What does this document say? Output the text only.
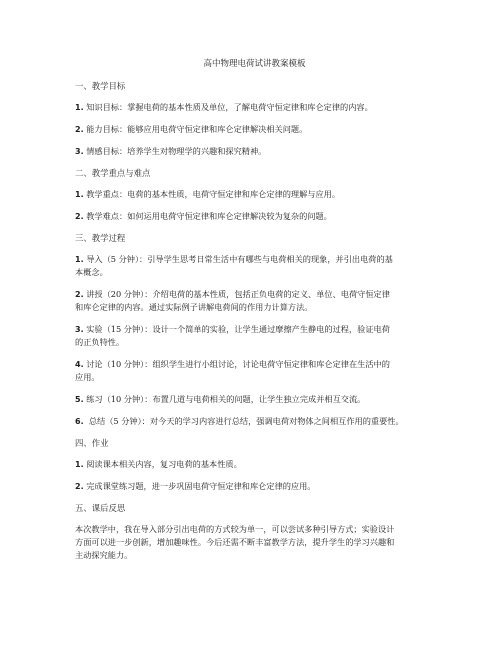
高中物理电荷试讲教案模板
一、教学目标
1. 知识目标：掌握电荷的基本性质及单位，了解电荷守恒定律和库仑定律的内容。
2. 能力目标：能够应用电荷守恒定律和库仑定律解决相关问题。
3. 情感目标：培养学生对物理学的兴趣和探究精神。
二、教学重点与难点
1. 教学重点：电荷的基本性质，电荷守恒定律和库仑定律的理解与应用。
2. 教学难点：如何运用电荷守恒定律和库仑定律解决较为复杂的问题。
三、教学过程
1. 导入（5 分钟）：引导学生思考日常生活中有哪些与电荷相关的现象，并引出电荷的基
本概念。
2. 讲授（20 分钟）：介绍电荷的基本性质，包括正负电荷的定义、单位、电荷守恒定律
和库仑定律的内容。通过实际例子讲解电荷间的作用力计算方法。
3. 实验（15 分钟）：设计一个简单的实验，让学生通过摩擦产生静电的过程，验证电荷
的正负特性。
4. 讨论（10 分钟）：组织学生进行小组讨论，讨论电荷守恒定律和库仑定律在生活中的
应用。
5. 练习（10 分钟）：布置几道与电荷相关的问题，让学生独立完成并相互交流。
6.  总结（5 分钟）：对今天的学习内容进行总结，强调电荷对物体之间相互作用的重要性。
四、作业
1. 阅读课本相关内容，复习电荷的基本性质。
2. 完成课堂练习题，进一步巩固电荷守恒定律和库仑定律的应用。
五、课后反思
本次教学中，我在导入部分引出电荷的方式较为单一，可以尝试多种引导方式；实验设计
方面可以进一步创新，增加趣味性。今后还需不断丰富教学方法，提升学生的学习兴趣和
主动探究能力。
